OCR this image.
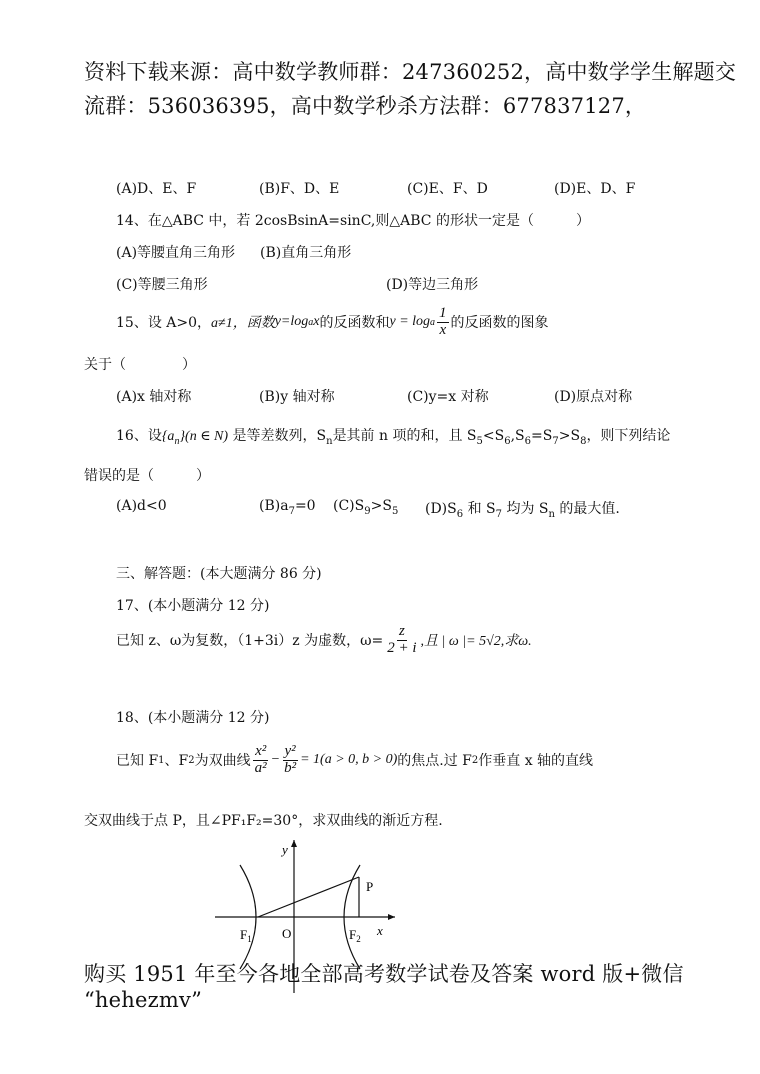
资料下载来源：高中数学教师群：247360252，高中数学学生解题交
流群：536036395，高中数学秒杀方法群：677837127，
(A)D、E、F	(B)F、D、E	(C)E、F、D	(D)E、D、F
14、在△ABC 中，若 2cosBsinA=sinC,则△ABC 的形状一定是（　　　）
(A)等腰直角三角形 (B)直角三角形
(C)等腰三角形	(D)等边三角形
15、设 A>0， a≠1，函数 y=log a x 的反函数和 y = log a $\frac{1}{x}$ 的反函数的图象
关于（　　　　）
(A)x 轴对称	(B)y 轴对称	(C)y=x 对称	(D)原点对称
16、设$\{a_n\}(n$ ∈ N) 是等差数列，$S_n$是其前 n 项的和，且 $S_5<S_6,S_6=S_7>S_8$，则下列结论
错误的是（　　　）
(A)d<0	$(B)a_7=0$ $(C)S_9>S_5$ $(D)S_6$ 和 $S_7$ 均为 $S_n$ 的最大值.
三、解答题：(本大题满分 86 分)
17、(本小题满分 12 分)
已知 z、ω为复数，（1+3i）z 为虚数，$\omega= \frac{z}{2 + i}$ ,且 | ω |= 5√2,求ω.
18、(本小题满分 12 分)
已知 F 1 、F 2 为双曲线 $\frac{\text{x²}}{\text{a²}} - \frac{\text{y²}}{\text{b²}} = 1(a > 0$, b > 0) 的焦点.过 F 2 作垂直 x 轴的直线
交双曲线于点 P，且∠PF₁F₂=30°，求双曲线的渐近方程.
y
x
P
O
$F_1$	$F_2$
购买 1951 年至今各地全部高考数学试卷及答案 word 版+微信
“hehezmv”
